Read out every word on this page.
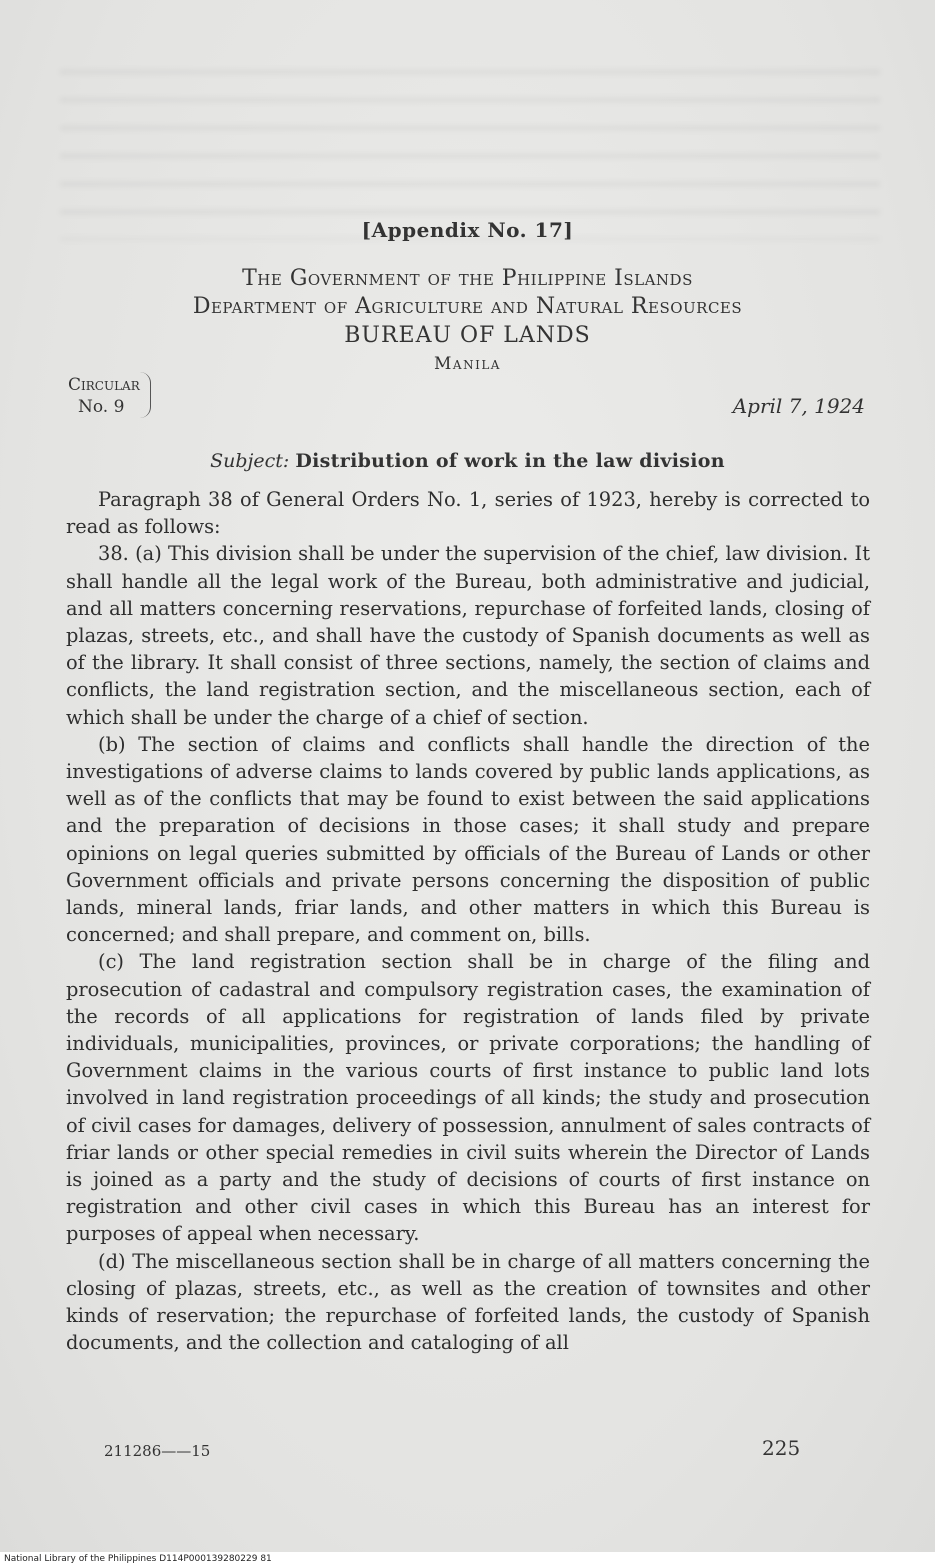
[Appendix No. 17]
The Government of the Philippine Islands
Department of Agriculture and Natural Resources
BUREAU OF LANDS
Manila
Circular
No. 9	April 7, 1924
Subject: Distribution of work in the law division

Paragraph 38 of General Orders No. 1, series of 1923, hereby is corrected to read as follows:

38. (a) This division shall be under the supervision of the chief, law division. It shall handle all the legal work of the Bureau, both administrative and judicial, and all matters concerning reservations, repurchase of forfeited lands, closing of plazas, streets, etc., and shall have the custody of Spanish documents as well as of the library. It shall consist of three sections, namely, the section of claims and conflicts, the land registration section, and the miscellaneous section, each of which shall be under the charge of a chief of section.

(b) The section of claims and conflicts shall handle the direction of the investigations of adverse claims to lands covered by public lands applications, as well as of the conflicts that may be found to exist between the said applications and the preparation of decisions in those cases; it shall study and prepare opinions on legal queries submitted by officials of the Bureau of Lands or other Government officials and private persons concerning the disposition of public lands, mineral lands, friar lands, and other matters in which this Bureau is concerned; and shall prepare, and comment on, bills.

(c) The land registration section shall be in charge of the filing and prosecution of cadastral and compulsory registration cases, the examination of the records of all applications for registration of lands filed by private individuals, municipalities, provinces, or private corporations; the handling of Government claims in the various courts of first instance to public land lots involved in land registration proceedings of all kinds; the study and prosecution of civil cases for damages, delivery of possession, annulment of sales contracts of friar lands or other special remedies in civil suits wherein the Director of Lands is joined as a party and the study of decisions of courts of first instance on registration and other civil cases in which this Bureau has an interest for purposes of appeal when necessary.

(d) The miscellaneous section shall be in charge of all matters concerning the closing of plazas, streets, etc., as well as the creation of townsites and other kinds of reservation; the repurchase of forfeited lands, the custody of Spanish documents, and the collection and cataloging of all

211286——15	225
National Library of the Philippines D114P000139280229 81
